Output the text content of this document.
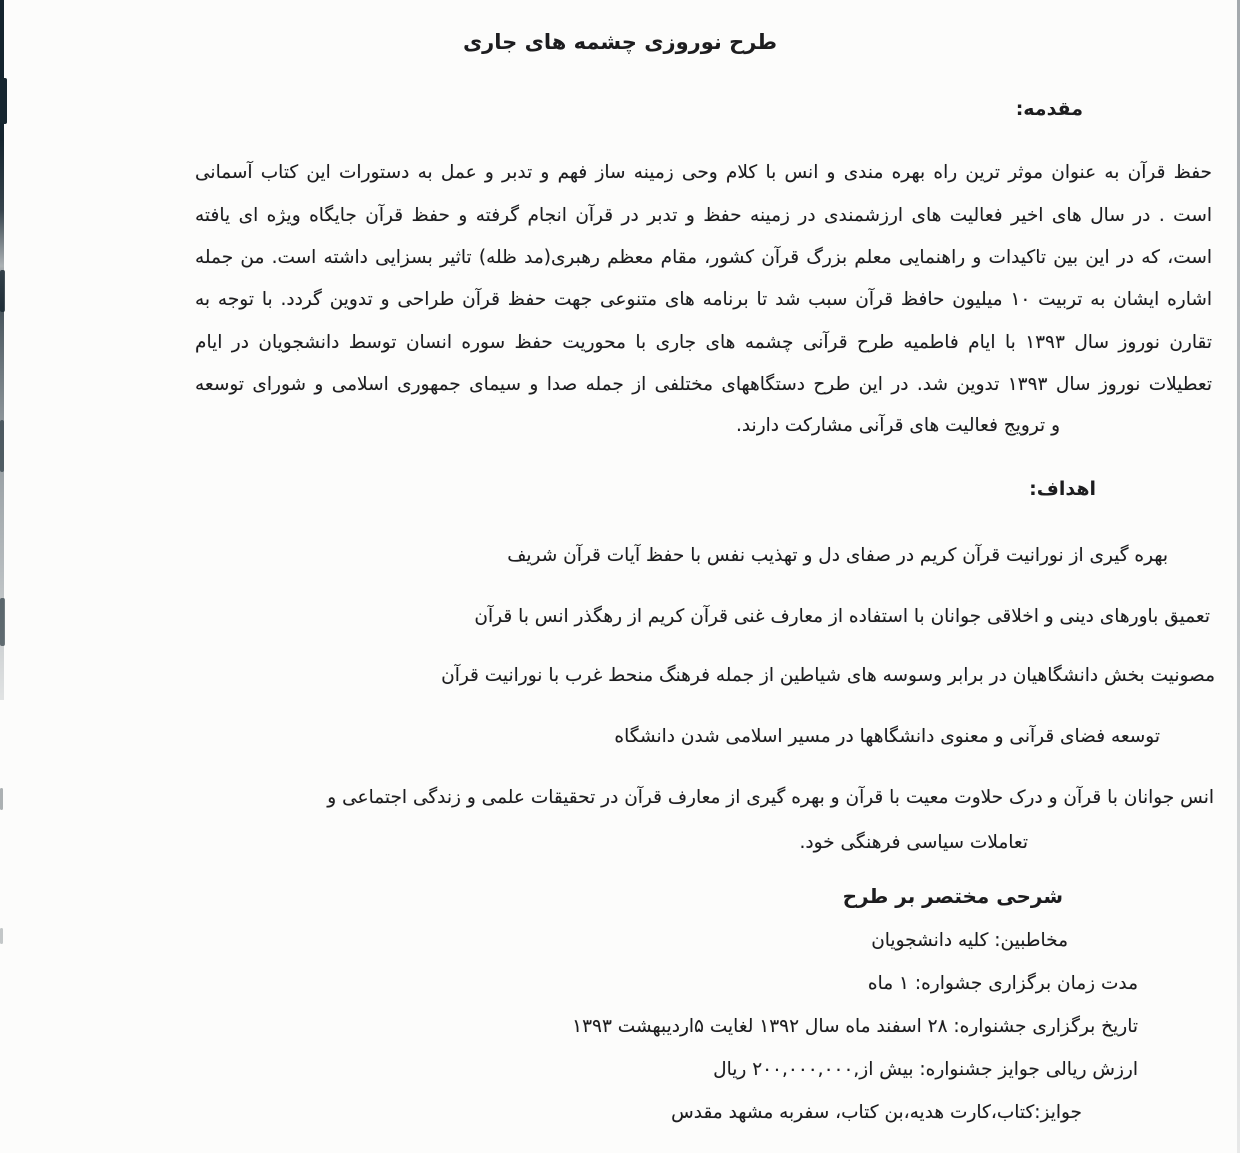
طرح نوروزی چشمه های جاری
مقدمه:

حفظ قرآن به عنوان موثر ترین راه بهره مندی و انس با کلام وحی زمینه ساز فهم و تدبر و عمل به دستورات این کتاب آسمانی

است . در سال های اخیر فعالیت های ارزشمندی در زمینه حفظ و تدبر در قرآن انجام گرفته و حفظ قرآن جایگاه ویژه ای یافته

است، که در این بین تاکیدات و راهنمایی معلم بزرگ قرآن کشور، مقام معظم رهبری(مد ظله) تاثیر بسزایی داشته است. من جمله

اشاره ایشان به تربیت ۱۰ میلیون حافظ قرآن سبب شد تا برنامه های متنوعی جهت حفظ قرآن طراحی و تدوین گردد. با توجه به

تقارن نوروز سال ۱۳۹۳ با ایام فاطمیه طرح قرآنی چشمه های جاری با محوریت حفظ سوره انسان توسط دانشجویان در ایام

تعطیلات نوروز سال ۱۳۹۳ تدوین شد. در این طرح دستگاههای مختلفی از جمله صدا و سیمای جمهوری اسلامی و شورای توسعه

و ترویج فعالیت های قرآنی مشارکت دارند.

اهداف:

بهره گیری از نورانیت قرآن کریم در صفای دل و تهذیب نفس با حفظ آیات قرآن شریف

تعمیق باورهای دینی و اخلاقی جوانان با استفاده از معارف غنی قرآن کریم از رهگذر انس با قرآن

مصونیت بخش دانشگاهیان در برابر وسوسه های شیاطین از جمله فرهنگ منحط غرب با نورانیت قرآن

توسعه فضای قرآنی و معنوی دانشگاهها در مسیر اسلامی شدن دانشگاه

انس جوانان با قرآن و درک حلاوت معیت با قرآن و بهره گیری از معارف قرآن در تحقیقات علمی و زندگی اجتماعی و

تعاملات سیاسی فرهنگی خود.

شرحی مختصر بر طرح

مخاطبین: کلیه دانشجویان

مدت زمان برگزاری جشواره: ۱ ماه

تاریخ برگزاری جشنواره: ۲۸ اسفند ماه سال ۱۳۹۲ لغایت ۵اردیبهشت ۱۳۹۳

ارزش ریالی جوایز جشنواره: بیش از,۲۰۰,۰۰۰,۰۰۰ ریال

جوایز:کتاب،کارت هدیه،بن کتاب، سفربه مشهد مقدس
